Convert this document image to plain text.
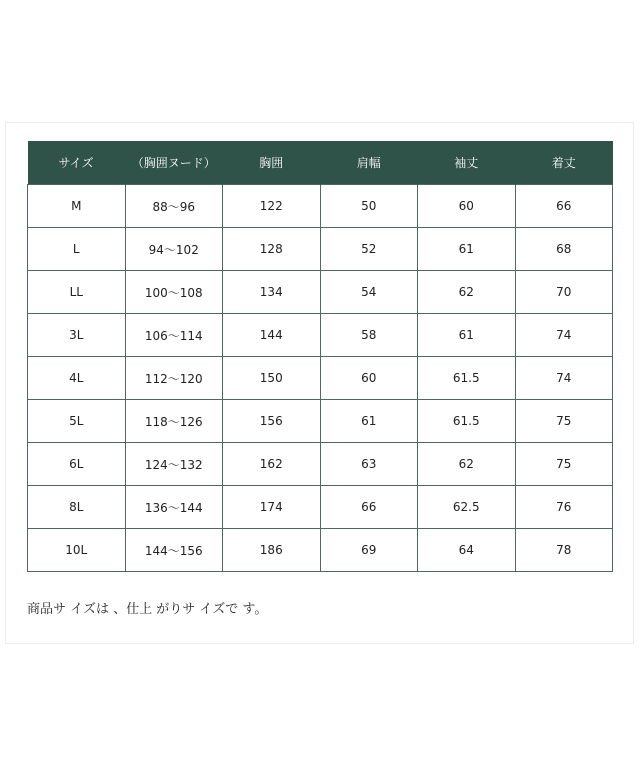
サイズ	（胸囲ヌード）	胸囲	肩幅	袖丈	着丈
M	88～96	122	50	60	66
L	94～102	128	52	61	68
LL	100～108	134	54	62	70
3L	106～114	144	58	61	74
4L	112～120	150	60	61.5	74
5L	118～126	156	61	61.5	75
6L	124～132	162	63	62	75
8L	136～144	174	66	62.5	76
10L	144～156	186	69	64	78
商品サ イズは 、仕上 がりサ イズで す。
